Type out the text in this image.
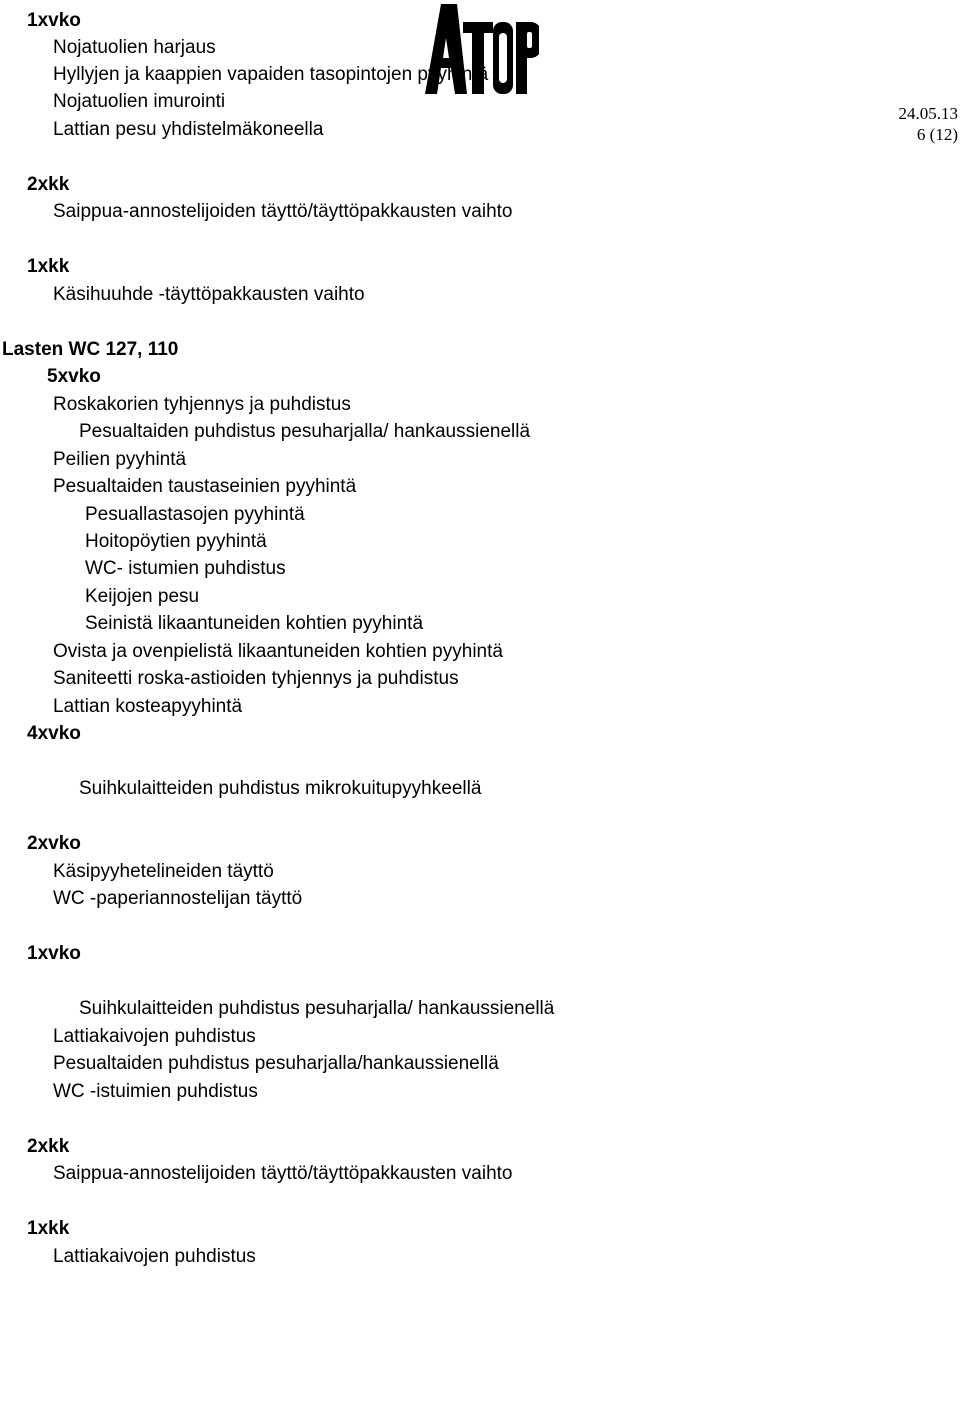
24.05.13
6 (12)
1xvko
Nojatuolien harjaus
Hyllyjen ja kaappien vapaiden tasopintojen pyyhintä
Nojatuolien imurointi
Lattian pesu yhdistelmäkoneella
2xkk
Saippua-annostelijoiden täyttö/täyttöpakkausten vaihto
1xkk
Käsihuuhde -täyttöpakkausten vaihto
Lasten WC 127, 110
5xvko
Roskakorien tyhjennys ja puhdistus
Pesualtaiden puhdistus pesuharjalla/ hankaussienellä
Peilien pyyhintä
Pesualtaiden taustaseinien pyyhintä
Pesuallastasojen pyyhintä
Hoitopöytien pyyhintä
WC- istumien puhdistus
Keijojen pesu
Seinistä likaantuneiden kohtien pyyhintä
Ovista ja ovenpielistä likaantuneiden kohtien pyyhintä
Saniteetti roska-astioiden tyhjennys ja puhdistus
Lattian kosteapyyhintä
4xvko
Suihkulaitteiden puhdistus mikrokuitupyyhkeellä
2xvko
Käsipyyhetelineiden täyttö
WC -paperiannostelijan täyttö
1xvko
Suihkulaitteiden puhdistus pesuharjalla/ hankaussienellä
Lattiakaivojen puhdistus
Pesualtaiden puhdistus pesuharjalla/hankaussienellä
WC -istuimien puhdistus
2xkk
Saippua-annostelijoiden täyttö/täyttöpakkausten vaihto
1xkk
Lattiakaivojen puhdistus
